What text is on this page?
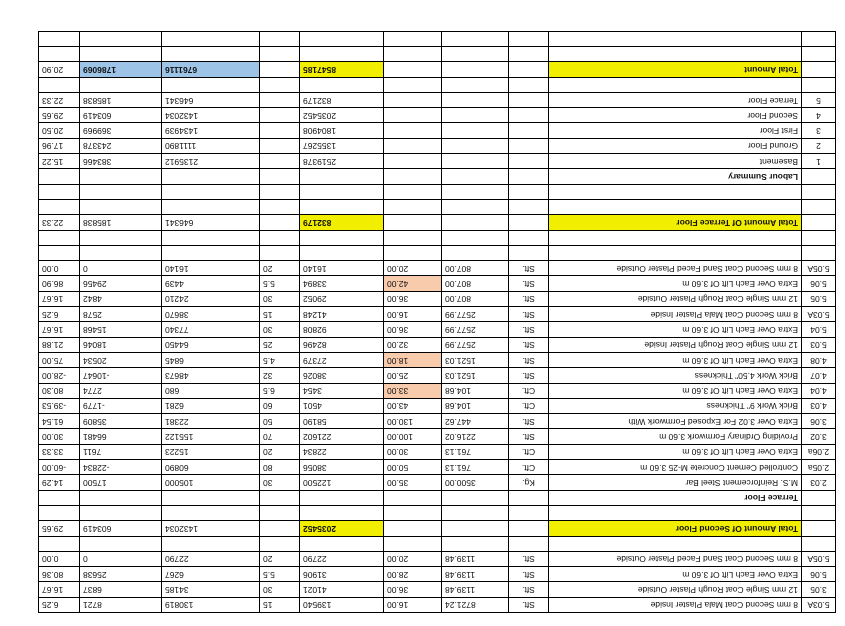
5.03A	8 mm Second Coat Mala Plaster Inside	Sft.	8721.24	16.00	139540	15	130819	8721	6.25
3.05	12 mm Single Coat Rough Plaster Outside	Sft.	1139.48	36.00	41021	30	34185	6837	16.67
5.06	Extra Over Each Lift Of 3.60 m	Sft.	1139.48	28.00	31906	5.5	6267	25638	80.36
5.05A	8 mm Second Coat Sand Faced Plaster Outside	Sft.	1139.48	20.00	22790	20	22790	0	0.00

	Total Amount Of Second Floor				2035452		1432034	603419	29.65

	Terrace Floor								
2.03	M.S. Reinforcement Steel Bar	Kg.	3500.00	35.00	122500	30	105000	17500	14.29
2.05a	Controlled Cement Concrete M-25 3.60 m	Cft.	761.13	50.00	38056	80	60890	-22834	-60.00
2.06a	Extra Over Each Lift Of 3.60 m	Cft.	761.13	30.00	22834	20	15223	7611	33.33
3.02	Providing Ordinary Formwork 3.60 m	Sft.	2216.02	100.00	221602	70	155122	66481	30.00
3.06	Extra Over 3.02 For Exposed Formwork With	Sft.	447.62	130.00	58190	50	22381	35809	61.54
4.03	Brick Work 9" Thickness	Cft.	104.68	43.00	4501	60	6281	-1779	-39.53
4.04	Extra Over Each Lift Of 3.60 m	Cft.	104.68	33.00	3454	6.5	680	2774	80.30
4.07	Brick Work 4.50" Thickness	Sft.	1521.03	25.00	38026	32	48673	-10647	-28.00
4.08	Extra Over Each Lift Of 3.60 m	Sft.	1521.03	18.00	27379	4.5	6845	20534	75.00
5.03	12 mm Single Coat Rough Plaster Inside	Sft.	2577.99	32.00	82496	25	64450	18046	21.88
5.04	Extra Over Each Lift Of 3.60 m	Sft.	2577.99	36.00	92808	30	77340	15468	16.67
5.03A	8 mm Second Coat Mala Plaster Inside	Sft.	2577.99	16.00	41248	15	38670	2578	6.25
5.05	12 mm Single Coat Rough Plaster Outside	Sft.	807.00	36.00	29052	30	24210	4842	16.67
5.06	Extra Over Each Lift Of 3.60 m	Sft.	807.00	42.00	33894	5.5	4439	29456	86.90
5.05A	8 mm Second Coat Sand Faced Plaster Outside	Sft.	807.00	20.00	16140	20	16140	0	0.00

	Total Amount Of Terrace Floor				832179		646341	185838	22.33

	Labour Summary								
1	Basement				2519378		2135912	383466	15.22
2	Ground Floor				1355267		1111890	243378	17.96
3	First Floor				1804908		1434939	369969	20.50
4	Second Floor				2035452		1432034	603419	29.65
5	Terrace Floor				832179		646341	185838	22.33

	Total Amount				8547185		6761116	1786069	20.90
